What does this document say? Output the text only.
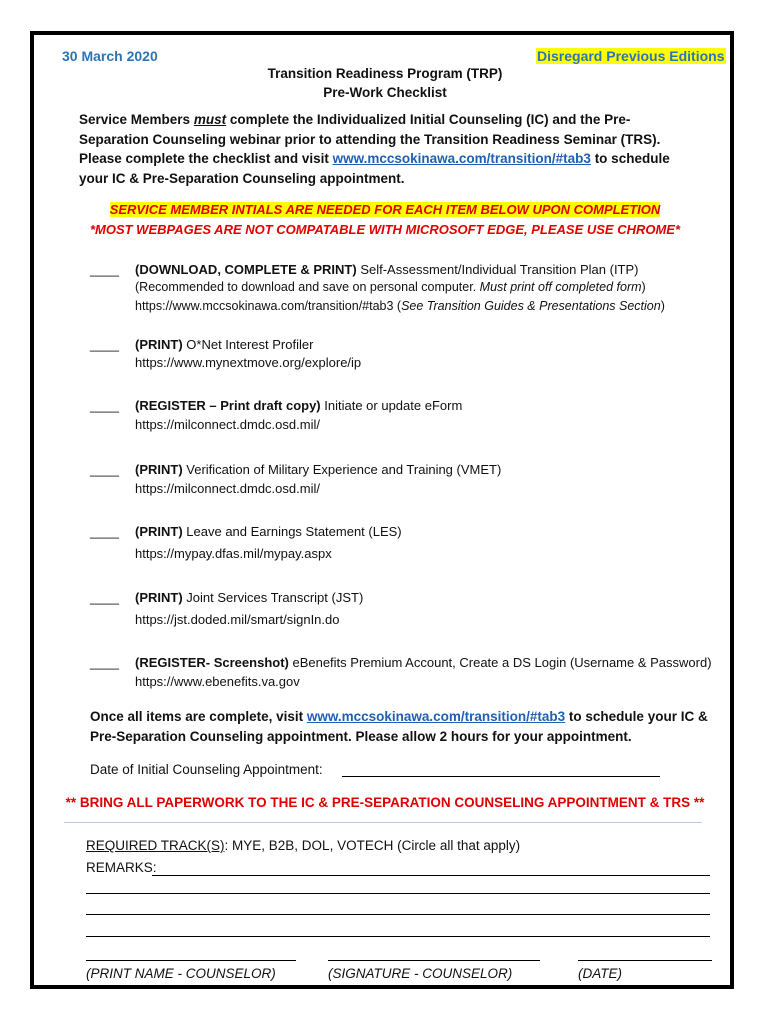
30 March 2020	Disregard Previous Editions
Transition Readiness Program (TRP)
Pre-Work Checklist
Service Members must complete the Individualized Initial Counseling (IC) and the Pre-Separation Counseling webinar prior to attending the Transition Readiness Seminar (TRS). Please complete the checklist and visit www.mccsokinawa.com/transition/#tab3 to schedule your IC & Pre-Separation Counseling appointment.
SERVICE MEMBER INTIALS ARE NEEDED FOR EACH ITEM BELOW UPON COMPLETION
*MOST WEBPAGES ARE NOT COMPATABLE WITH MICROSOFT EDGE, PLEASE USE CHROME*
____ (DOWNLOAD, COMPLETE & PRINT) Self-Assessment/Individual Transition Plan (ITP)
(Recommended to download and save on personal computer. Must print off completed form)
https://www.mccsokinawa.com/transition/#tab3 (See Transition Guides & Presentations Section)
____ (PRINT) O*Net Interest Profiler
https://www.mynextmove.org/explore/ip
____ (REGISTER – Print draft copy) Initiate or update eForm
https://milconnect.dmdc.osd.mil/
____ (PRINT) Verification of Military Experience and Training (VMET)
https://milconnect.dmdc.osd.mil/
____ (PRINT) Leave and Earnings Statement (LES)
https://mypay.dfas.mil/mypay.aspx
____ (PRINT) Joint Services Transcript (JST)
https://jst.doded.mil/smart/signIn.do
____ (REGISTER- Screenshot) eBenefits Premium Account, Create a DS Login (Username & Password)
https://www.ebenefits.va.gov
Once all items are complete, visit www.mccsokinawa.com/transition/#tab3 to schedule your IC & Pre-Separation Counseling appointment. Please allow 2 hours for your appointment.
Date of Initial Counseling Appointment:
** BRING ALL PAPERWORK TO THE IC & PRE-SEPARATION COUNSELING APPOINTMENT & TRS **
REQUIRED TRACK(S): MYE, B2B, DOL, VOTECH (Circle all that apply)
REMARKS:
(PRINT NAME - COUNSELOR)	(SIGNATURE - COUNSELOR)	(DATE)
